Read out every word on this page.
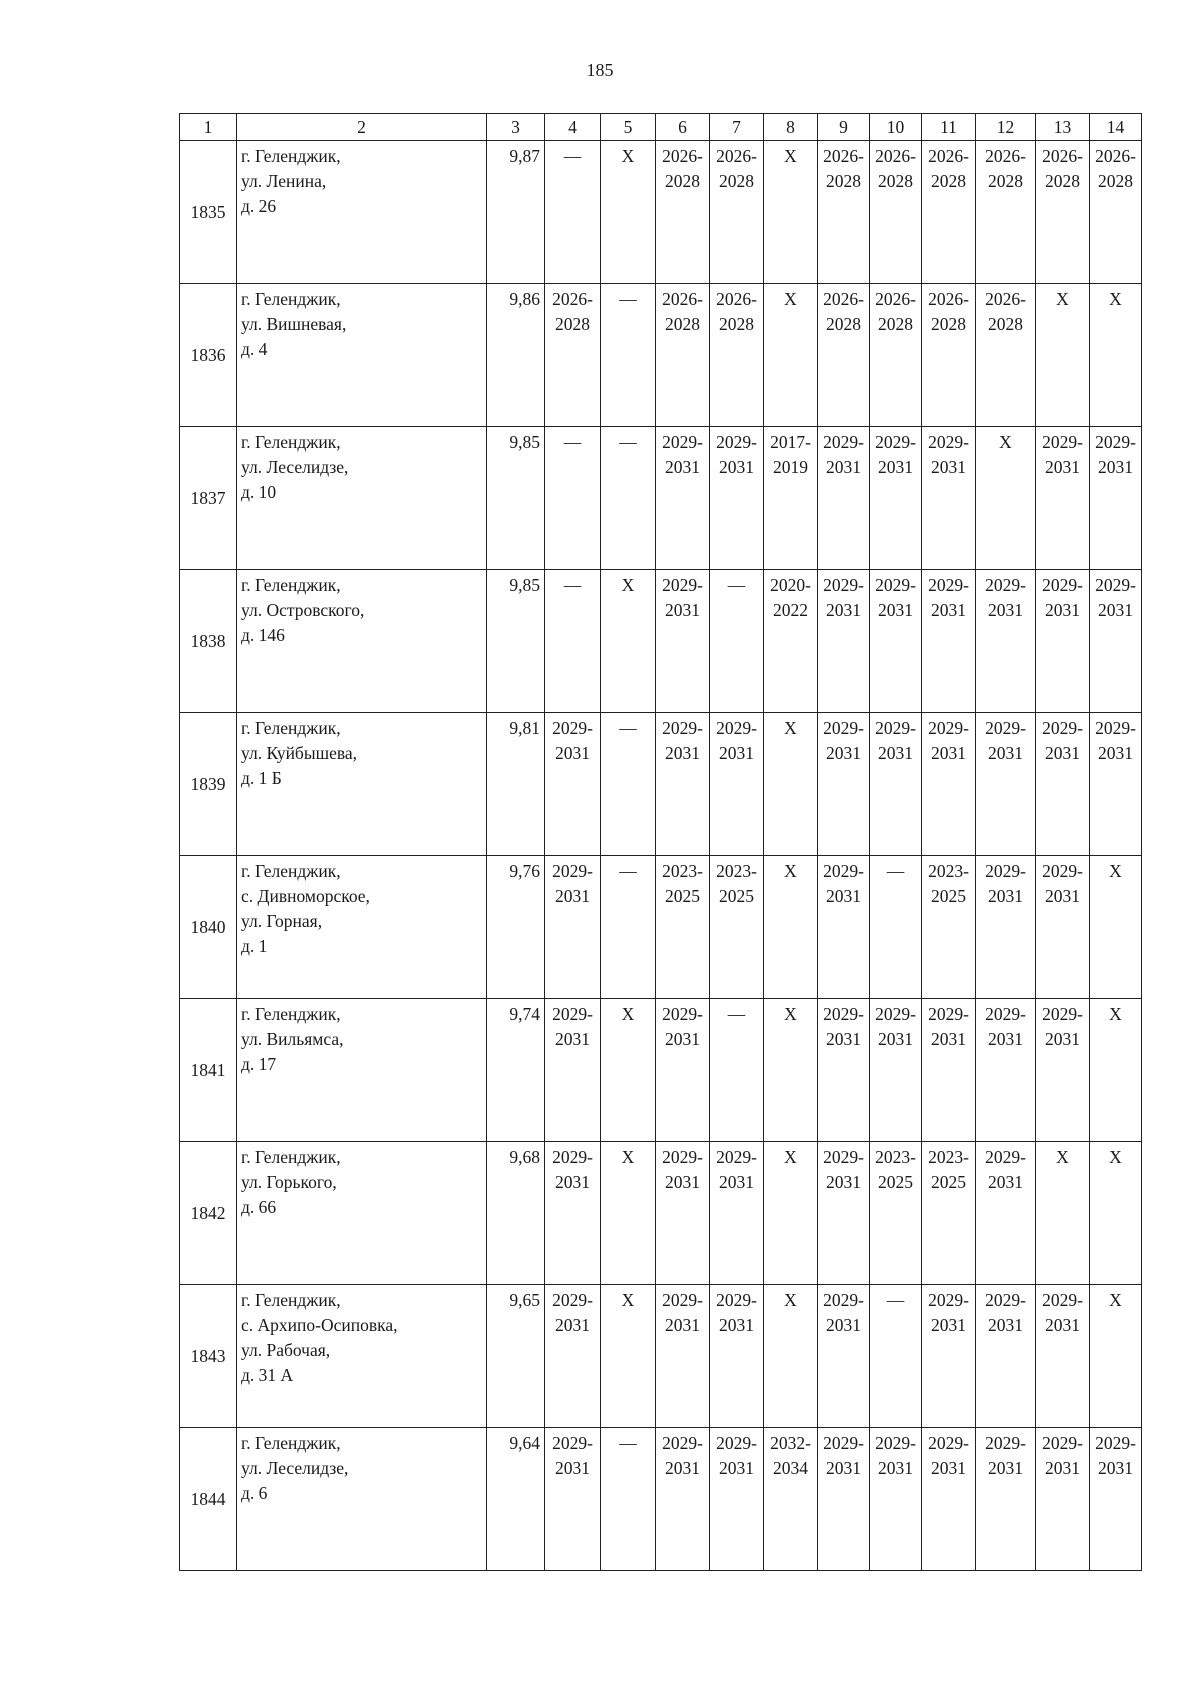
185
1	2	3	4	5	6	7	8	9	10	11	12	13	14
1835	г. Геленджик,
ул. Ленина,
д. 26	9,87	—	X	2026-
2028	2026-
2028	X	2026-
2028	2026-
2028	2026-
2028	2026-
2028	2026-
2028	2026-
2028

1836	г. Геленджик,
ул. Вишневая,
д. 4	9,86	2026-
2028	—	2026-
2028	2026-
2028	X	2026-
2028	2026-
2028	2026-
2028	2026-
2028	X	X
1837	г. Геленджик,
ул. Леселидзе,
д. 10	9,85	—	—	2029-
2031	2029-
2031	2017-
2019	2029-
2031	2029-
2031	2029-
2031	X	2029-
2031	2029-
2031

1838	г. Геленджик,
ул. Островского,
д. 146	9,85	—	X	2029-
2031	—	2020-
2022	2029-
2031	2029-
2031	2029-
2031	2029-
2031	2029-
2031	2029-
2031

1839	г. Геленджик,
ул. Куйбышева,
д. 1 Б	9,81	2029-
2031	—	2029-
2031	2029-
2031	X	2029-
2031	2029-
2031	2029-
2031	2029-
2031	2029-
2031	2029-
2031

1840	г. Геленджик,
с. Дивноморское,
ул. Горная,
д. 1	9,76	2029-
2031	—	2023-
2025	2023-
2025	X	2029-
2031	—	2023-
2025	2029-
2031	2029-
2031	X
1841	г. Геленджик,
ул. Вильямса,
д. 17	9,74	2029-
2031	X	2029-
2031	—	X	2029-
2031	2029-
2031	2029-
2031	2029-
2031	2029-
2031	X
1842	г. Геленджик,
ул. Горького,
д. 66	9,68	2029-
2031	X	2029-
2031	2029-
2031	X	2029-
2031	2023-
2025	2023-
2025	2029-
2031	X	X
1843	г. Геленджик,
с. Архипо-Осиповка,
ул. Рабочая,
д. 31 А	9,65	2029-
2031	X	2029-
2031	2029-
2031	X	2029-
2031	—	2029-
2031	2029-
2031	2029-
2031	X
1844	г. Геленджик,
ул. Леселидзе,
д. 6	9,64	2029-
2031	—	2029-
2031	2029-
2031	2032-
2034	2029-
2031	2029-
2031	2029-
2031	2029-
2031	2029-
2031	2029-
2031
